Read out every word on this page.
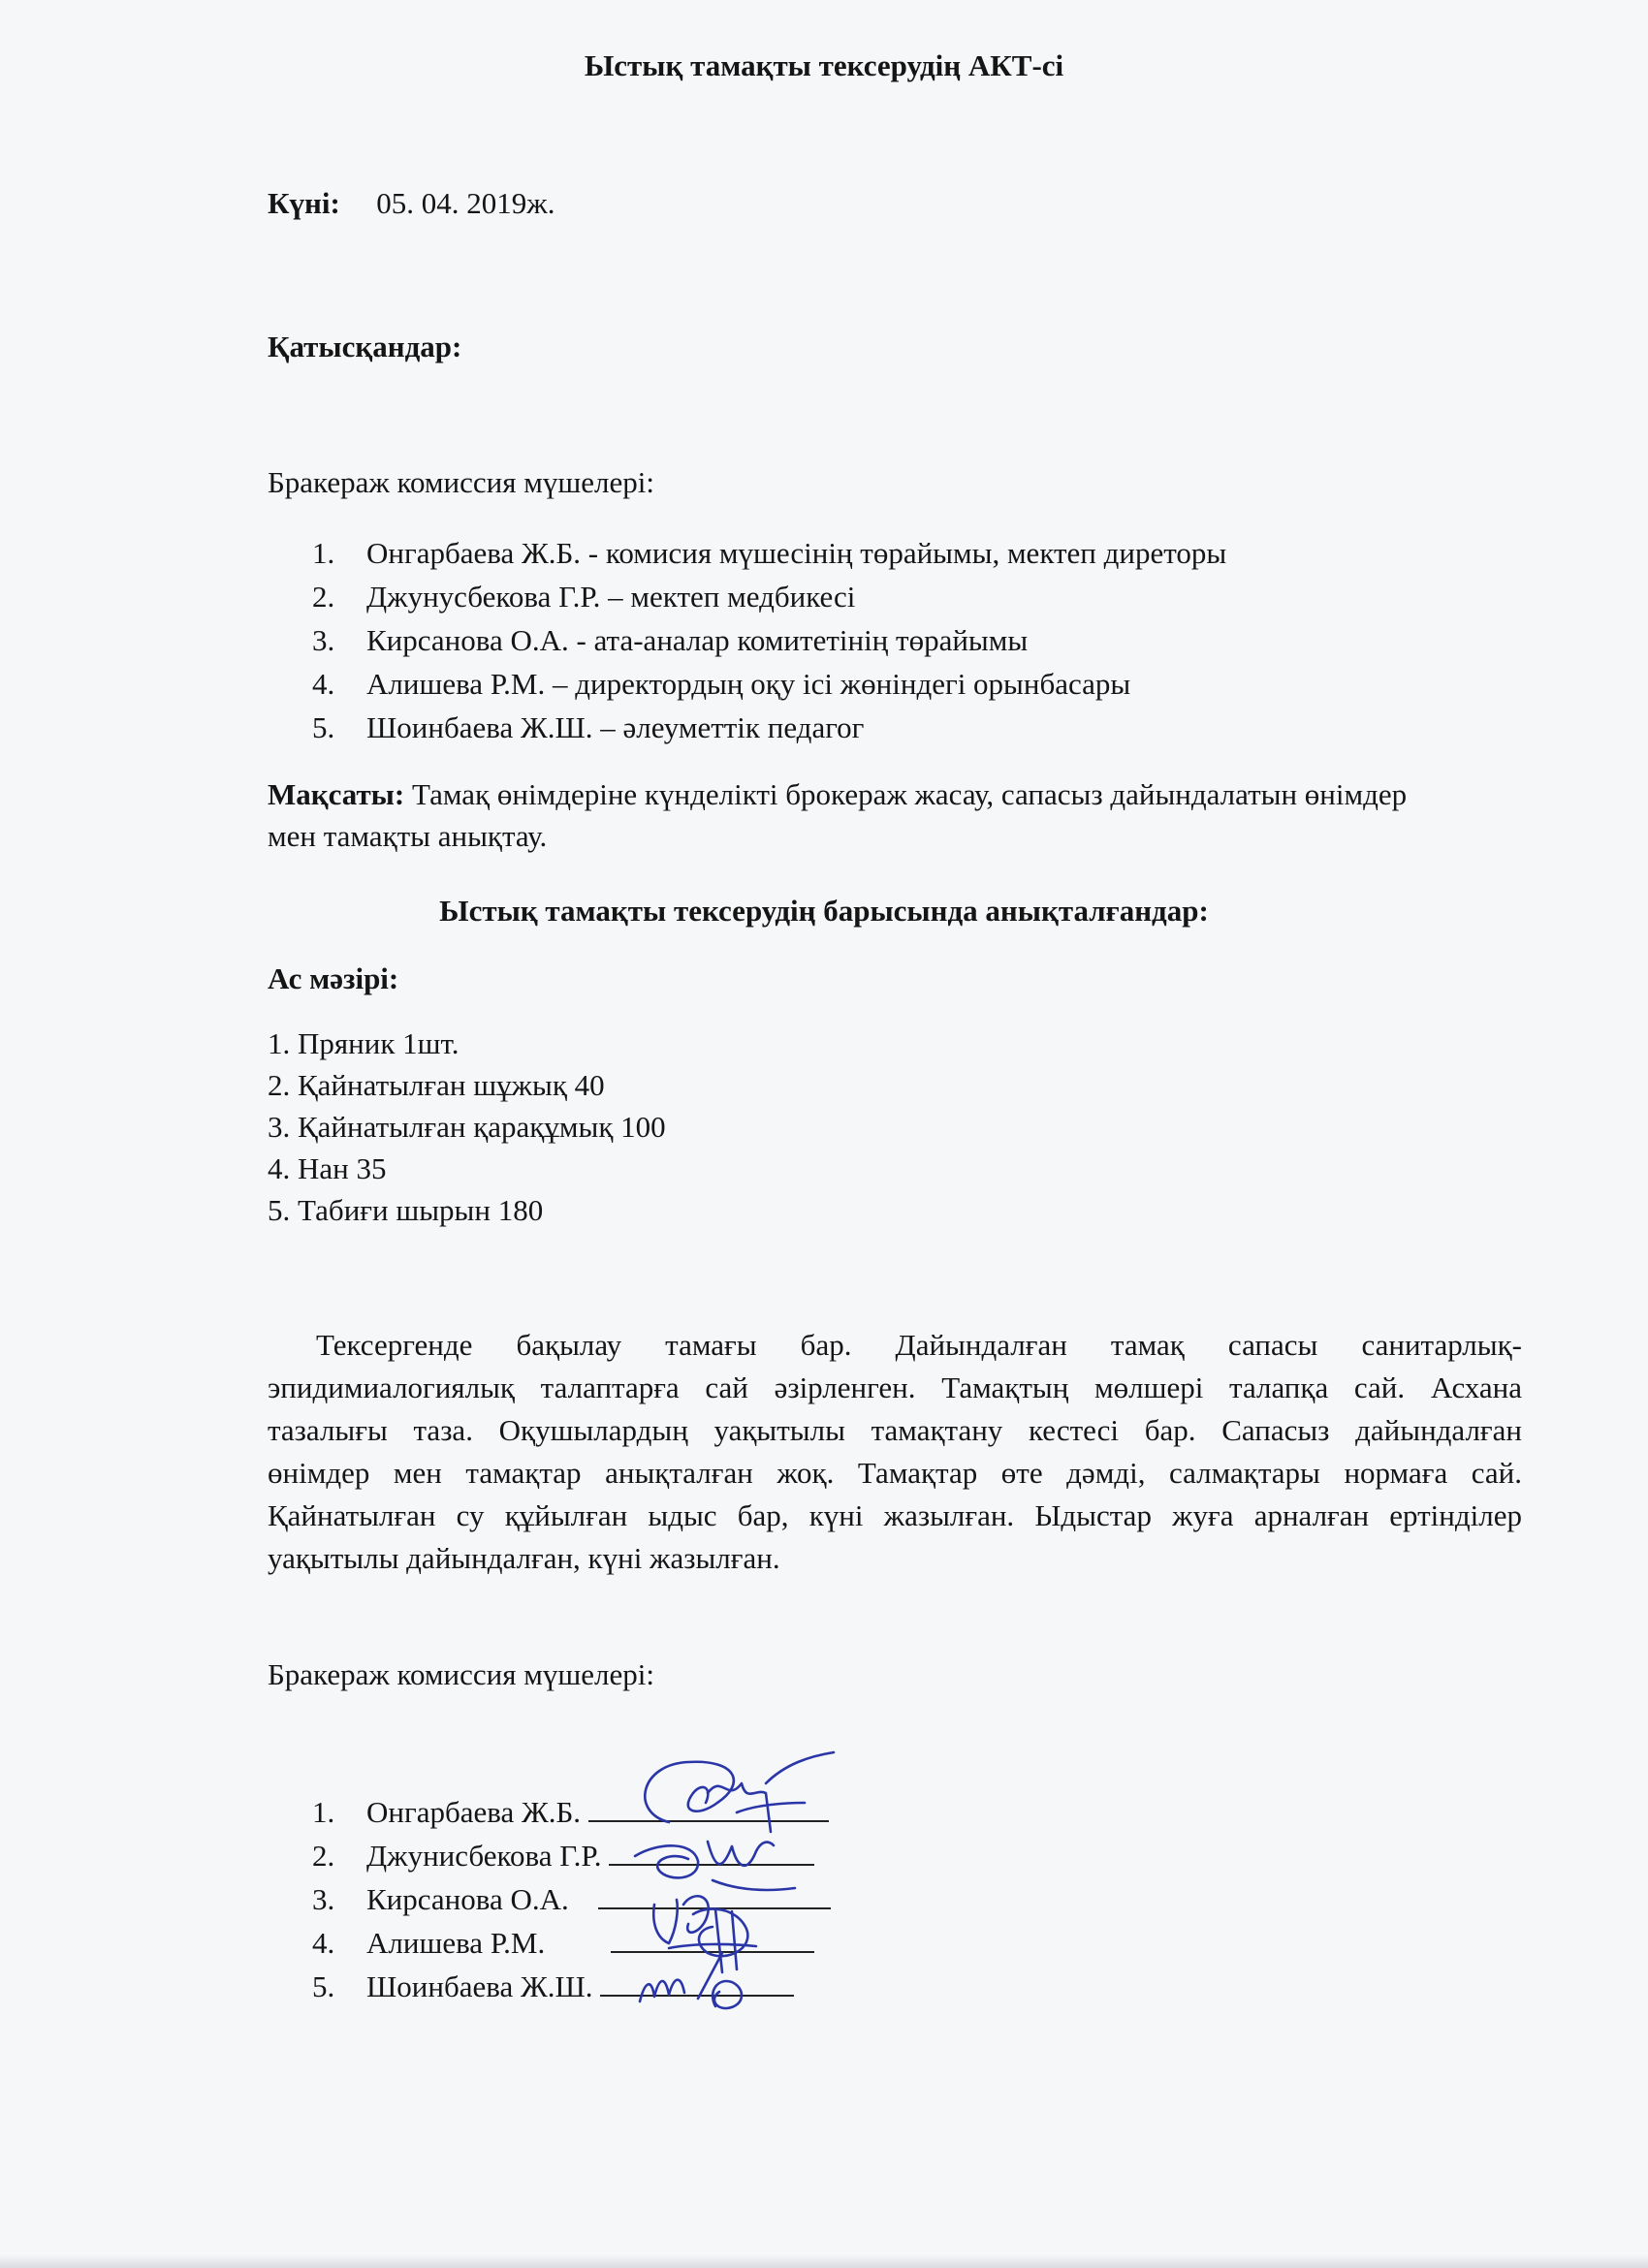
Ыстық тамақты тексерудің АКТ-сі
Күні: 05. 04. 2019ж.
Қатысқандар:
Бракераж комиссия мүшелері:
1. Онгарбаева Ж.Б. - комисия мүшесінің төрайымы, мектеп диреторы
2. Джунусбекова Г.Р. – мектеп медбикесі
3. Кирсанова О.А. - ата-аналар комитетінің төрайымы
4. Алишева Р.М. – директордың оқу ісі жөніндегі орынбасары
5. Шоинбаева Ж.Ш. – әлеуметтік педагог
Мақсаты: Тамақ өнімдеріне күнделікті брокераж жасау, сапасыз дайындалатын өнімдер
мен тамақты анықтау.
Ыстық тамақты тексерудің барысында анықталғандар:
Ас мәзірі:
1. Пряник 1шт.
2. Қайнатылған шұжық 40
3. Қайнатылған қарақұмық 100
4. Нан 35
5. Табиғи шырын 180
Тексергенде бақылау тамағы бар. Дайындалған тамақ сапасы санитарлық-
эпидимиалогиялық талаптарға сай әзірленген. Тамақтың мөлшері талапқа сай. Асхана
тазалығы таза. Оқушылардың уақытылы тамақтану кестесі бар. Сапасыз дайындалған
өнімдер мен тамақтар анықталған жоқ. Тамақтар өте дәмді, салмақтары нормаға сай.
Қайнатылған су құйылған ыдыс бар, күні жазылған. Ыдыстар жуға арналған ертінділер
уақытылы дайындалған, күні жазылған.
Бракераж комиссия мүшелері:
1. Онгарбаева Ж.Б.
2. Джунисбекова Г.Р.
3. Кирсанова О.А.
4. Алишева Р.М.
5. Шоинбаева Ж.Ш.
